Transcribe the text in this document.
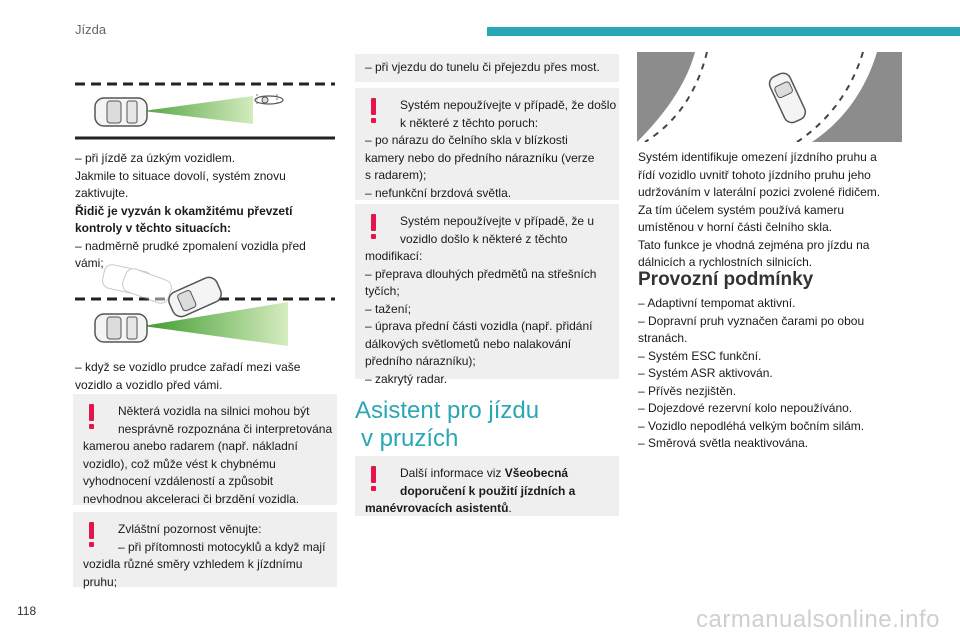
Jízda
– při jízdě za úzkým vozidlem.
Jakmile to situace dovolí, systém znovu
zaktivujte.
Řidič je vyzván k okamžitému převzetí
kontroly v těchto situacích:
– nadměrně prudké zpomalení vozidla před
vámi;
– když se vozidlo prudce zařadí mezi vaše
vozidlo a vozidlo před vámi.
Některá vozidla na silnici mohou být
nesprávně rozpoznána či interpretována
kamerou anebo radarem (např. nákladní
vozidlo), což může vést k chybnému
vyhodnocení vzdáleností a způsobit
nevhodnou akceleraci či brzdění vozidla.
Zvláštní pozornost věnujte:
– při přítomnosti motocyklů a když mají
vozidla různé směry vzhledem k jízdnímu
pruhu;
– při vjezdu do tunelu či přejezdu přes most.
Systém nepoužívejte v případě, že došlo
k některé z těchto poruch:
– po nárazu do čelního skla v blízkosti
kamery nebo do předního nárazníku (verze
s radarem);
– nefunkční brzdová světla.
Systém nepoužívejte v případě, že u
vozidlo došlo k některé z těchto
modifikací:
– přeprava dlouhých předmětů na střešních
tyčích;
– tažení;
– úprava přední části vozidla (např. přidání
dálkových světlometů nebo nalakování
předního nárazníku);
– zakrytý radar.
Asistent pro jízdu
v pruzích
Další informace viz Všeobecná
doporučení k použití jízdních a
manévrovacích asistentů.
Systém identifikuje omezení jízdního pruhu a
řídí vozidlo uvnitř tohoto jízdního pruhu jeho
udržováním v laterální pozici zvolené řidičem.
Za tím účelem systém používá kameru
umístěnou v horní části čelního skla.
Tato funkce je vhodná zejména pro jízdu na
dálnicích a rychlostních silnicích.
Provozní podmínky
– Adaptivní tempomat aktivní.
– Dopravní pruh vyznačen čarami po obou
stranách.
– Systém ESC funkční.
– Systém ASR aktivován.
– Přívěs nezjištěn.
– Dojezdové rezervní kolo nepoužíváno.
– Vozidlo nepodléhá velkým bočním silám.
– Směrová světla neaktivována.
118	carmanualsonline.info
